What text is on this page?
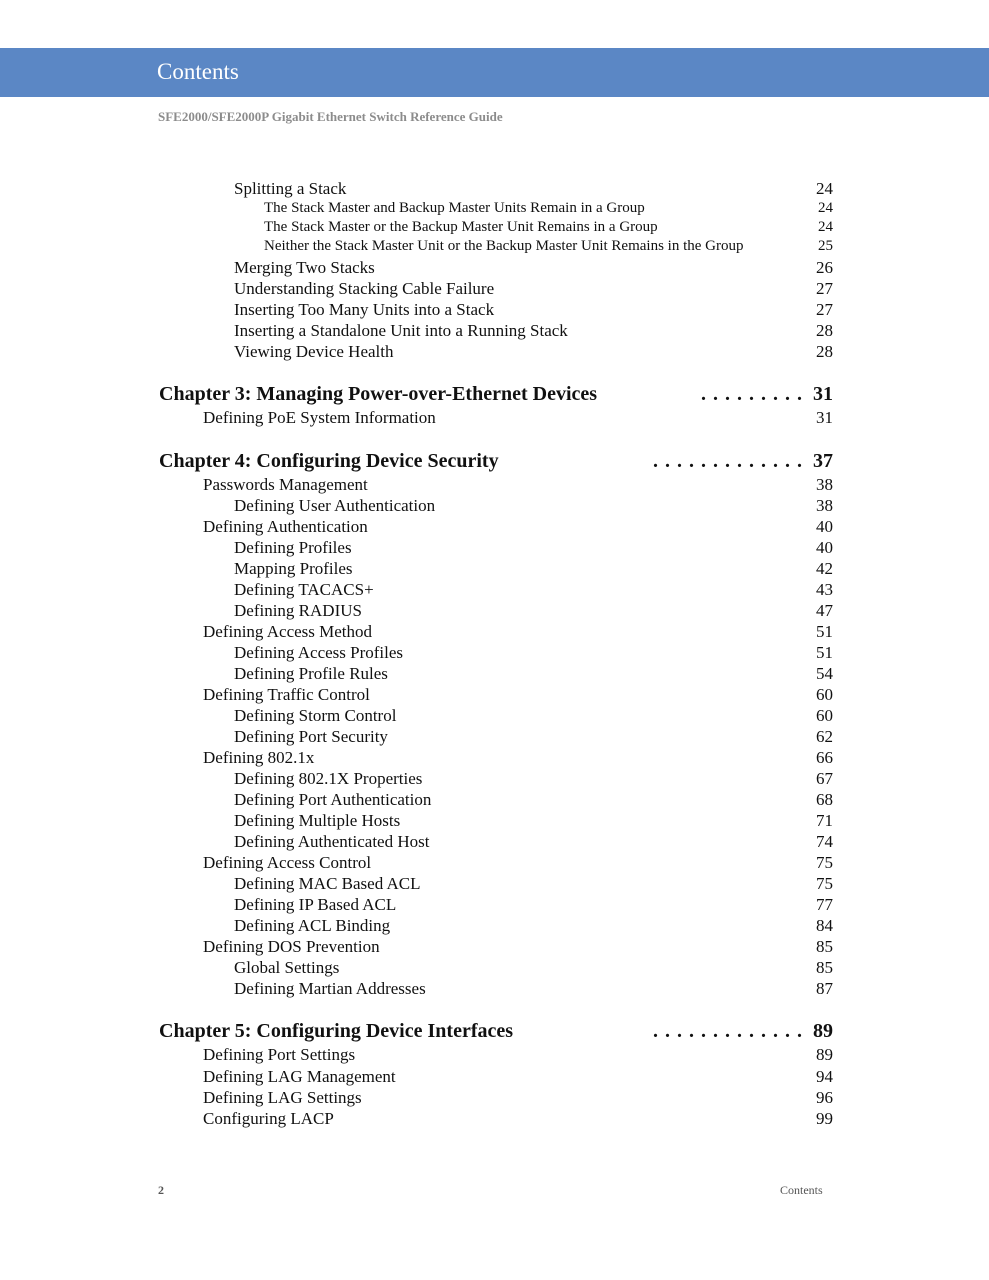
Contents
SFE2000/SFE2000P Gigabit Ethernet Switch Reference Guide
Splitting a Stack	24
The Stack Master and Backup Master Units Remain in a Group	24
The Stack Master or the Backup Master Unit Remains in a Group	24
Neither the Stack Master Unit or the Backup Master Unit Remains in the Group	25
Merging Two Stacks	26
Understanding Stacking Cable Failure	27
Inserting Too Many Units into a Stack	27
Inserting a Standalone Unit into a Running Stack	28
Viewing Device Health	28
Chapter 3: Managing Power-over-Ethernet Devices	......... 31
Defining PoE System Information	31
Chapter 4: Configuring Device Security	............. 37
Passwords Management	38
Defining User Authentication	38
Defining Authentication	40
Defining Profiles	40
Mapping Profiles	42
Defining TACACS+	43
Defining RADIUS	47
Defining Access Method	51
Defining Access Profiles	51
Defining Profile Rules	54
Defining Traffic Control	60
Defining Storm Control	60
Defining Port Security	62
Defining 802.1x	66
Defining 802.1X Properties	67
Defining Port Authentication	68
Defining Multiple Hosts	71
Defining Authenticated Host	74
Defining Access Control	75
Defining MAC Based ACL	75
Defining IP Based ACL	77
Defining ACL Binding	84
Defining DOS Prevention	85
Global Settings	85
Defining Martian Addresses	87
Chapter 5: Configuring Device Interfaces	............. 89
Defining Port Settings	89
Defining LAG Management	94
Defining LAG Settings	96
Configuring LACP	99
2	Contents
